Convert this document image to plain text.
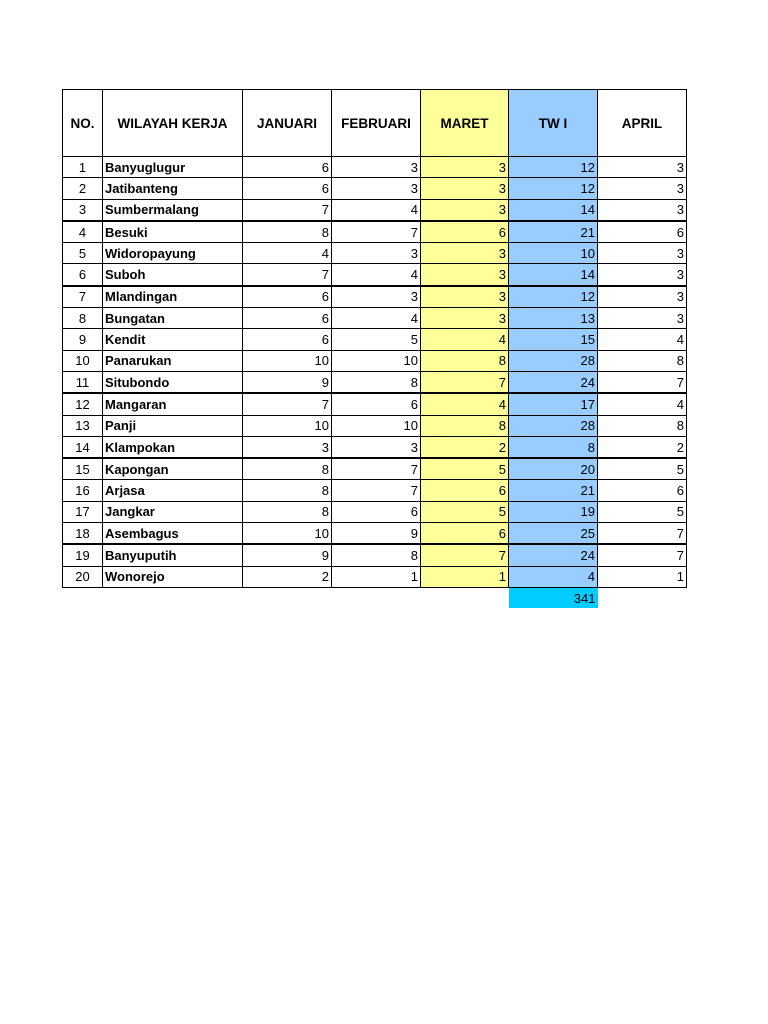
NO.	WILAYAH KERJA	JANUARI	FEBRUARI	MARET	TW I	APRIL
1	Banyuglugur	6	3	3	12	3
2	Jatibanteng	6	3	3	12	3
3	Sumbermalang	7	4	3	14	3
4	Besuki	8	7	6	21	6
5	Widoropayung	4	3	3	10	3
6	Suboh	7	4	3	14	3
7	Mlandingan	6	3	3	12	3
8	Bungatan	6	4	3	13	3
9	Kendit	6	5	4	15	4
10	Panarukan	10	10	8	28	8
11	Situbondo	9	8	7	24	7
12	Mangaran	7	6	4	17	4
13	Panji	10	10	8	28	8
14	Klampokan	3	3	2	8	2
15	Kapongan	8	7	5	20	5
16	Arjasa	8	7	6	21	6
17	Jangkar	8	6	5	19	5
18	Asembagus	10	9	6	25	7
19	Banyuputih	9	8	7	24	7
20	Wonorejo	2	1	1	4	1
					341	
